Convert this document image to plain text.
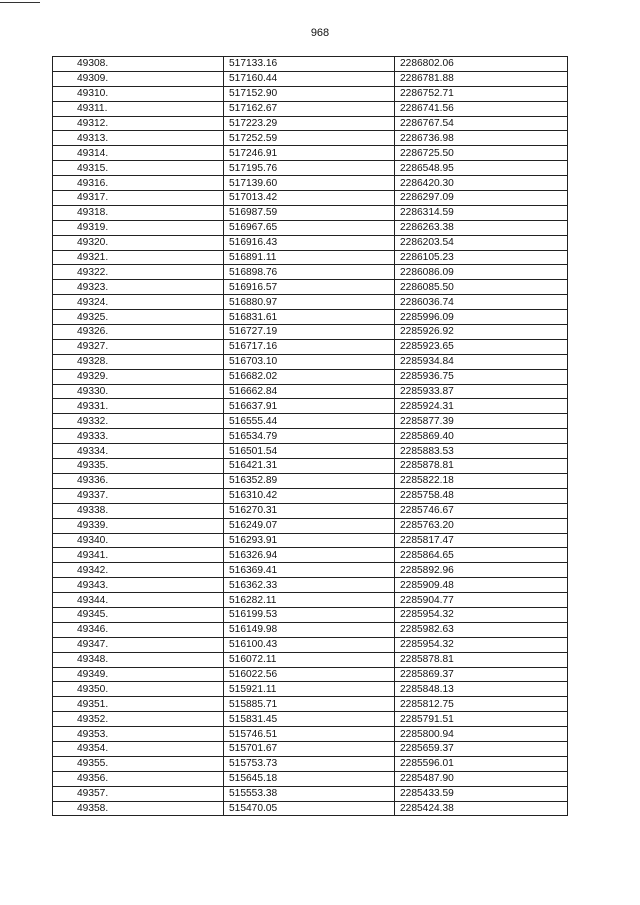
968
49308.	517133.16	2286802.06
49309.	517160.44	2286781.88
49310.	517152.90	2286752.71
49311.	517162.67	2286741.56
49312.	517223.29	2286767.54
49313.	517252.59	2286736.98
49314.	517246.91	2286725.50
49315.	517195.76	2286548.95
49316.	517139.60	2286420.30
49317.	517013.42	2286297.09
49318.	516987.59	2286314.59
49319.	516967.65	2286263.38
49320.	516916.43	2286203.54
49321.	516891.11	2286105.23
49322.	516898.76	2286086.09
49323.	516916.57	2286085.50
49324.	516880.97	2286036.74
49325.	516831.61	2285996.09
49326.	516727.19	2285926.92
49327.	516717.16	2285923.65
49328.	516703.10	2285934.84
49329.	516682.02	2285936.75
49330.	516662.84	2285933.87
49331.	516637.91	2285924.31
49332.	516555.44	2285877.39
49333.	516534.79	2285869.40
49334.	516501.54	2285883.53
49335.	516421.31	2285878.81
49336.	516352.89	2285822.18
49337.	516310.42	2285758.48
49338.	516270.31	2285746.67
49339.	516249.07	2285763.20
49340.	516293.91	2285817.47
49341.	516326.94	2285864.65
49342.	516369.41	2285892.96
49343.	516362.33	2285909.48
49344.	516282.11	2285904.77
49345.	516199.53	2285954.32
49346.	516149.98	2285982.63
49347.	516100.43	2285954.32
49348.	516072.11	2285878.81
49349.	516022.56	2285869.37
49350.	515921.11	2285848.13
49351.	515885.71	2285812.75
49352.	515831.45	2285791.51
49353.	515746.51	2285800.94
49354.	515701.67	2285659.37
49355.	515753.73	2285596.01
49356.	515645.18	2285487.90
49357.	515553.38	2285433.59
49358.	515470.05	2285424.38
